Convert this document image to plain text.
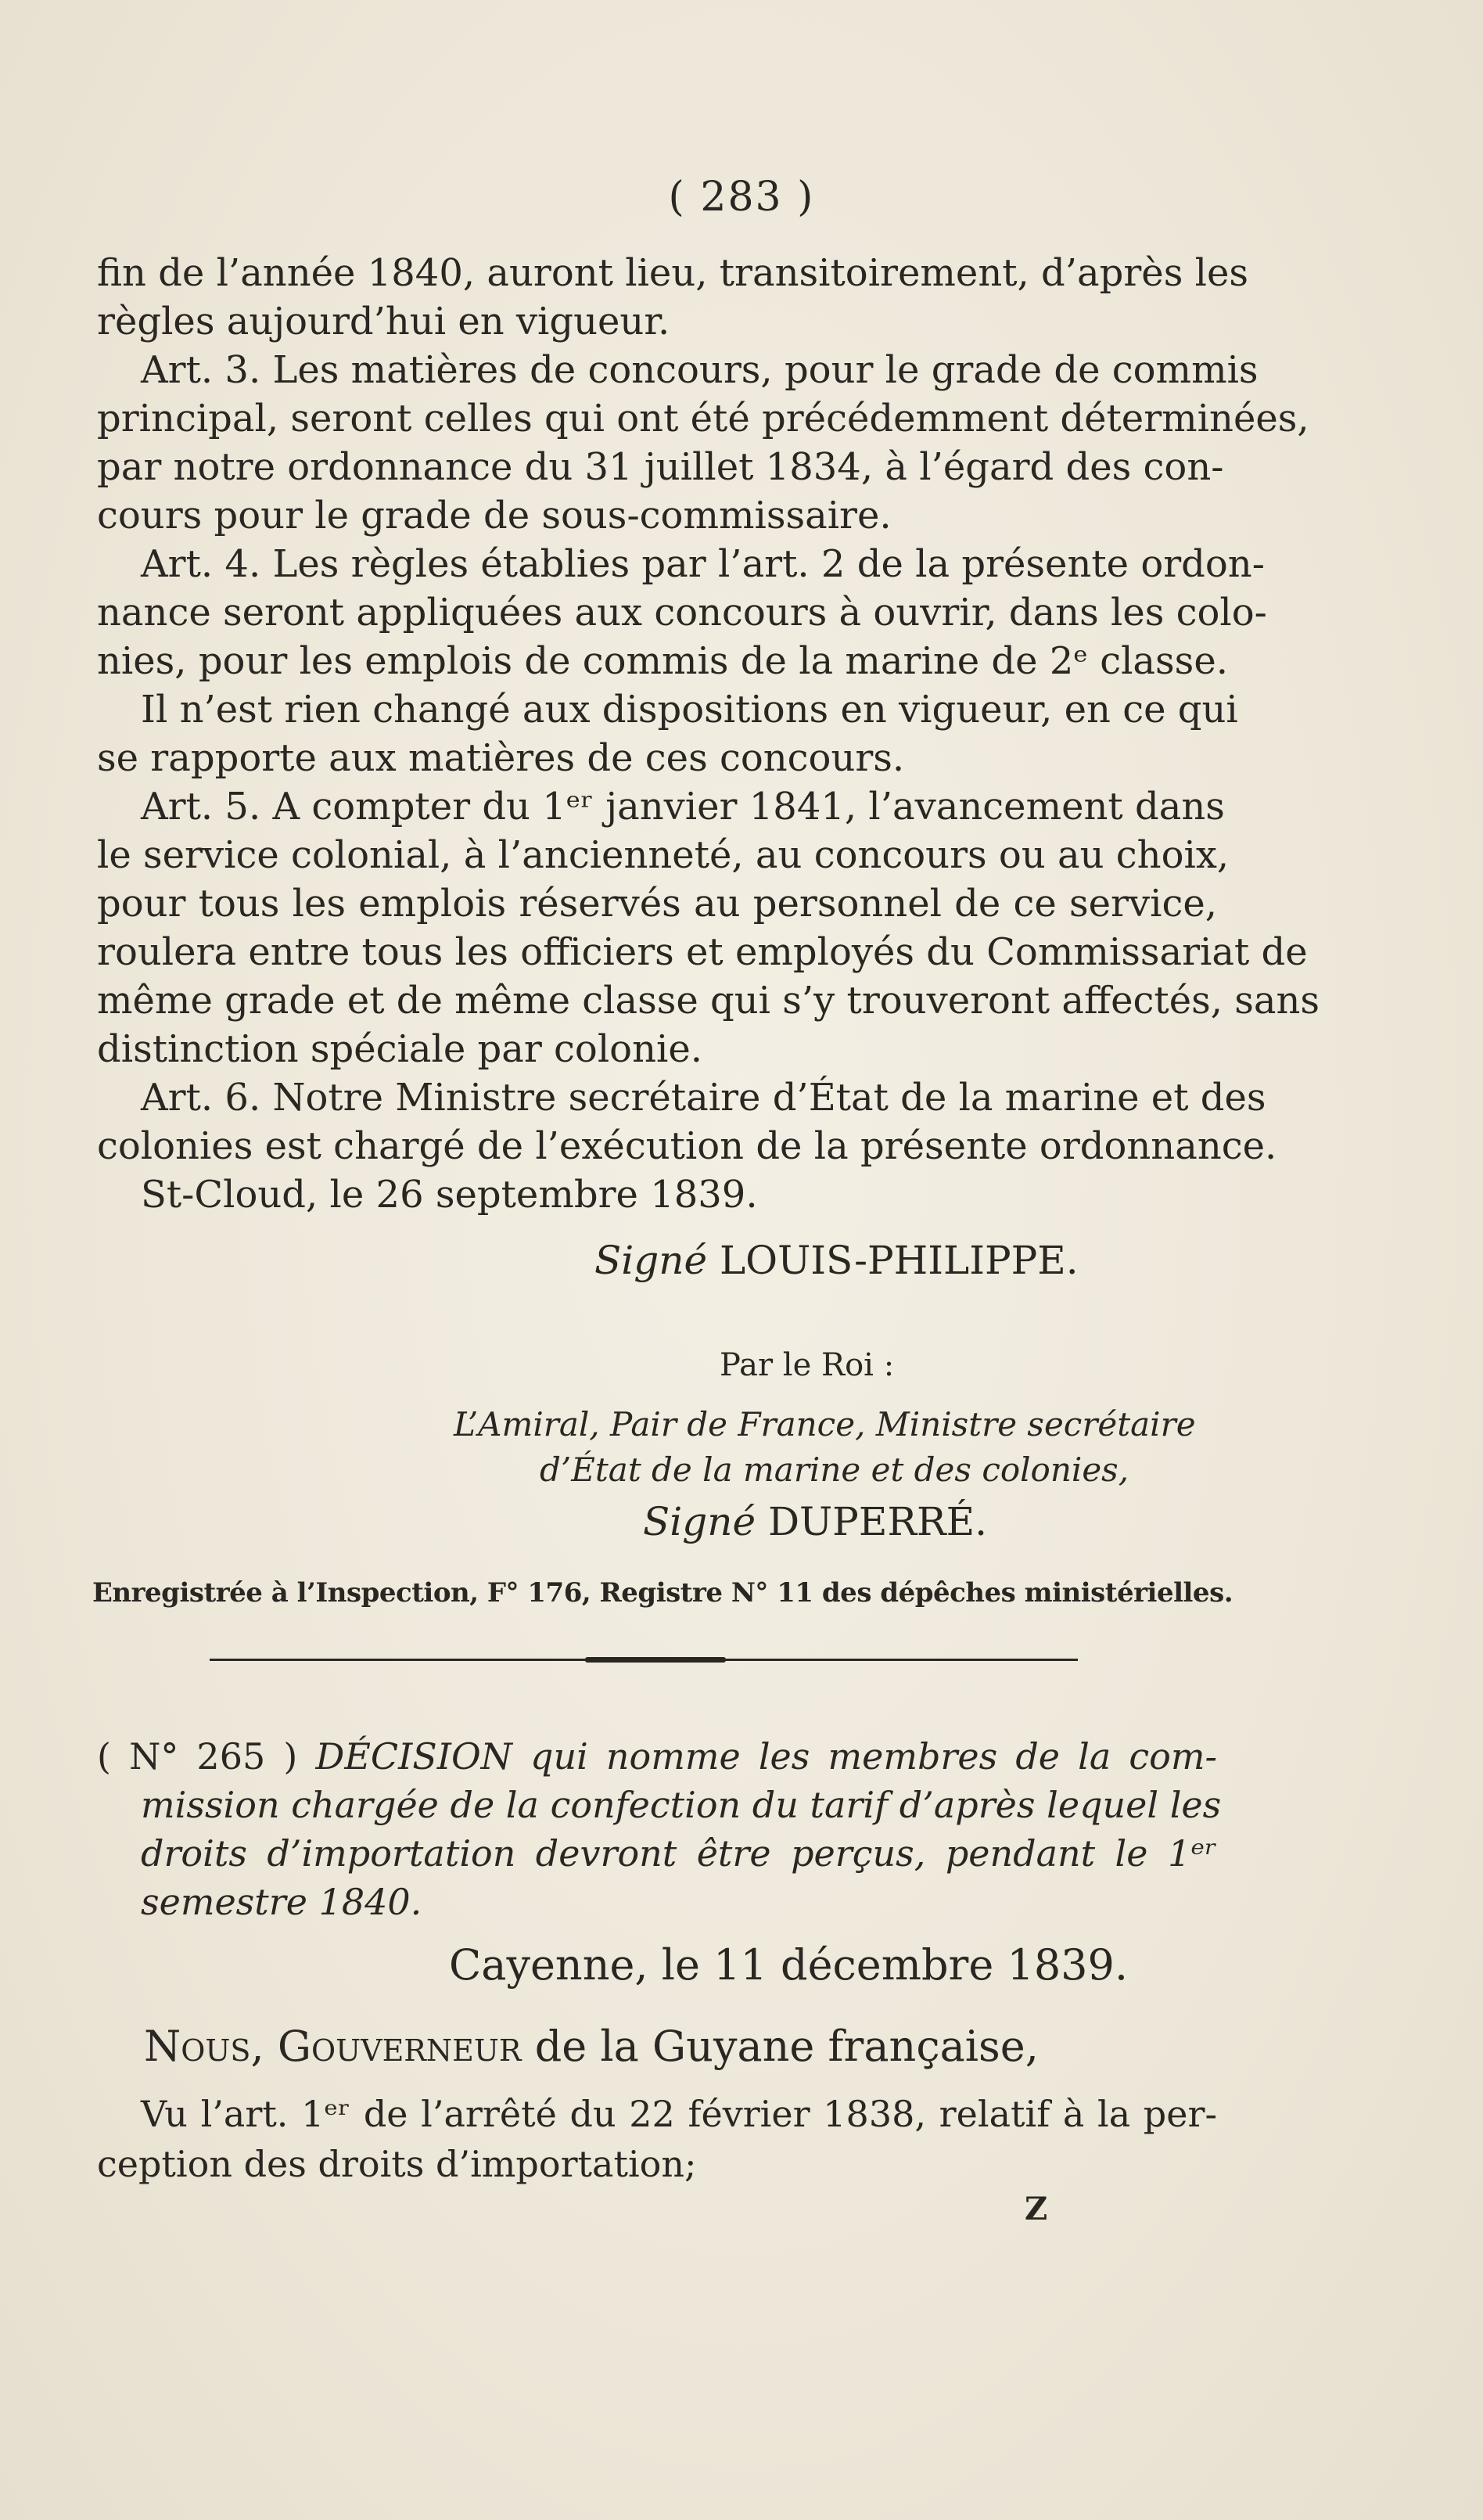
( 283 )
fin de l’année 1840, auront lieu, transitoirement, d’après les
règles aujourd’hui en vigueur.
Art. 3. Les matières de concours, pour le grade de commis
principal, seront celles qui ont été précédemment déterminées,
par notre ordonnance du 31 juillet 1834, à l’égard des con-
cours pour le grade de sous-commissaire.
Art. 4. Les règles établies par l’art. 2 de la présente ordon-
nance seront appliquées aux concours à ouvrir, dans les colo-
nies, pour les emplois de commis de la marine de 2ᵉ classe.
Il n’est rien changé aux dispositions en vigueur, en ce qui
se rapporte aux matières de ces concours.
Art. 5. A compter du 1ᵉʳ janvier 1841, l’avancement dans
le service colonial, à l’ancienneté, au concours ou au choix,
pour tous les emplois réservés au personnel de ce service,
roulera entre tous les officiers et employés du Commissariat de
même grade et de même classe qui s’y trouveront affectés, sans
distinction spéciale par colonie.
Art. 6. Notre Ministre secrétaire d’État de la marine et des
colonies est chargé de l’exécution de la présente ordonnance.
St-Cloud, le 26 septembre 1839.
Signé LOUIS-PHILIPPE.
Par le Roi :
L’Amiral, Pair de France, Ministre secrétaire
d’État de la marine et des colonies,
Signé DUPERRÉ.
Enregistrée à l’Inspection, F° 176, Registre N° 11 des dépêches ministérielles.
( N° 265 ) DÉCISION qui nomme les membres de la com-
mission chargée de la confection du tarif d’après lequel les
droits d’importation devront être perçus, pendant le 1ᵉʳ
semestre 1840.
Cayenne, le 11 décembre 1839.
Nous, Gouverneur de la Guyane française,
Vu l’art. 1ᵉʳ de l’arrêté du 22 février 1838, relatif à la per-
ception des droits d’importation;
Z
